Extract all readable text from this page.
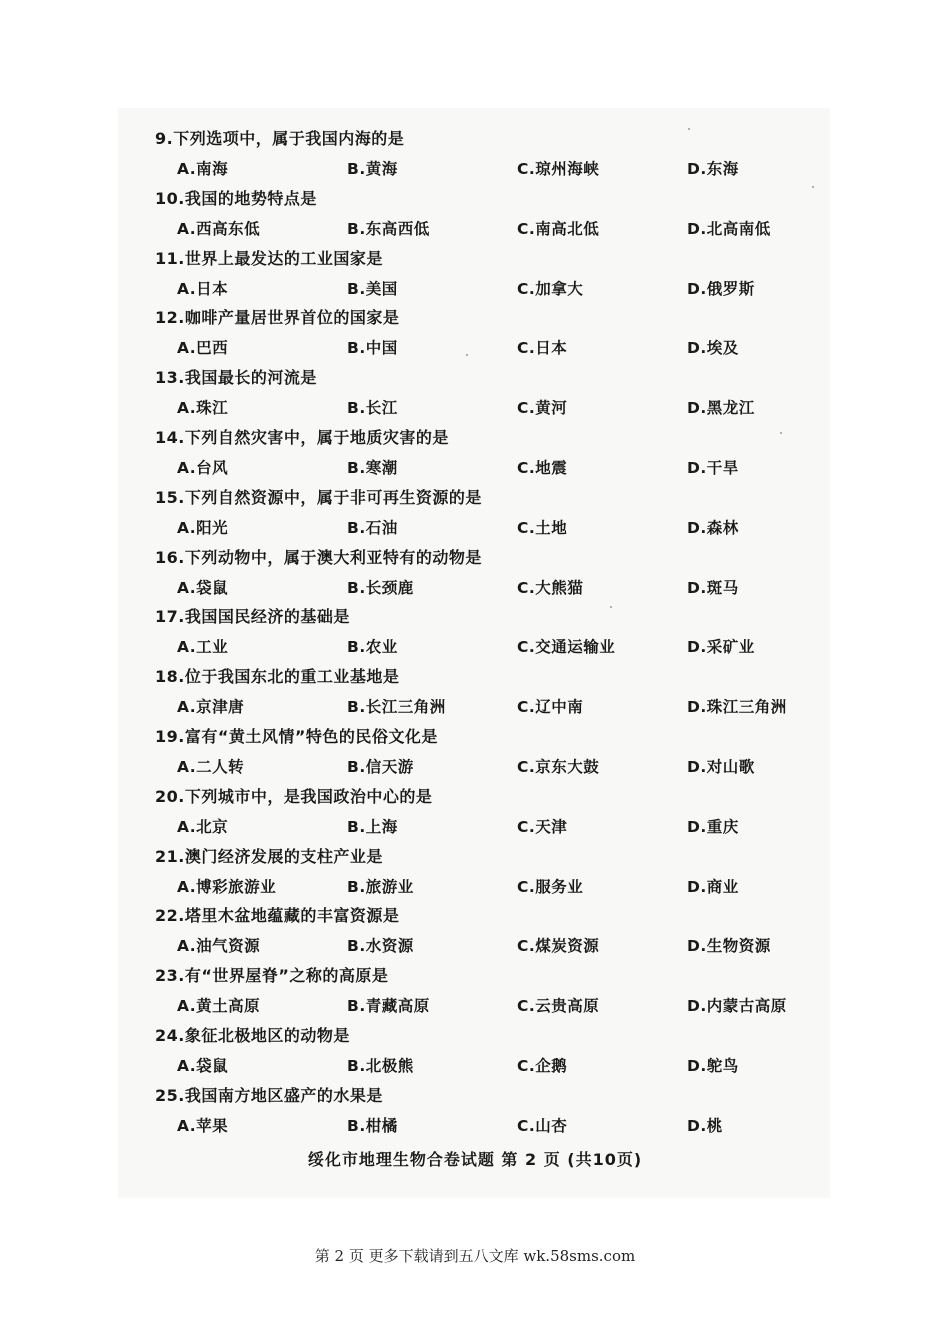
9.下列选项中，属于我国内海的是
A.南海	B.黄海	C.琼州海峡	D.东海
10.我国的地势特点是
A.西高东低	B.东高西低	C.南高北低	D.北高南低
11.世界上最发达的工业国家是
A.日本	B.美国	C.加拿大	D.俄罗斯
12.咖啡产量居世界首位的国家是
A.巴西	B.中国	C.日本	D.埃及
13.我国最长的河流是
A.珠江	B.长江	C.黄河	D.黑龙江
14.下列自然灾害中，属于地质灾害的是
A.台风	B.寒潮	C.地震	D.干旱
15.下列自然资源中，属于非可再生资源的是
A.阳光	B.石油	C.土地	D.森林
16.下列动物中，属于澳大利亚特有的动物是
A.袋鼠	B.长颈鹿	C.大熊猫	D.斑马
17.我国国民经济的基础是
A.工业	B.农业	C.交通运输业	D.采矿业
18.位于我国东北的重工业基地是
A.京津唐	B.长江三角洲	C.辽中南	D.珠江三角洲
19.富有“黄土风情”特色的民俗文化是
A.二人转	B.信天游	C.京东大鼓	D.对山歌
20.下列城市中，是我国政治中心的是
A.北京	B.上海	C.天津	D.重庆
21.澳门经济发展的支柱产业是
A.博彩旅游业	B.旅游业	C.服务业	D.商业
22.塔里木盆地蕴藏的丰富资源是
A.油气资源	B.水资源	C.煤炭资源	D.生物资源
23.有“世界屋脊”之称的高原是
A.黄土高原	B.青藏高原	C.云贵高原	D.内蒙古高原
24.象征北极地区的动物是
A.袋鼠	B.北极熊	C.企鹅	D.鸵鸟
25.我国南方地区盛产的水果是
A.苹果	B.柑橘	C.山杏	D.桃
绥化市地理生物合卷试题 第 2 页 (共10页)
第 2 页 更多下载请到五八文库 wk.58sms.com
